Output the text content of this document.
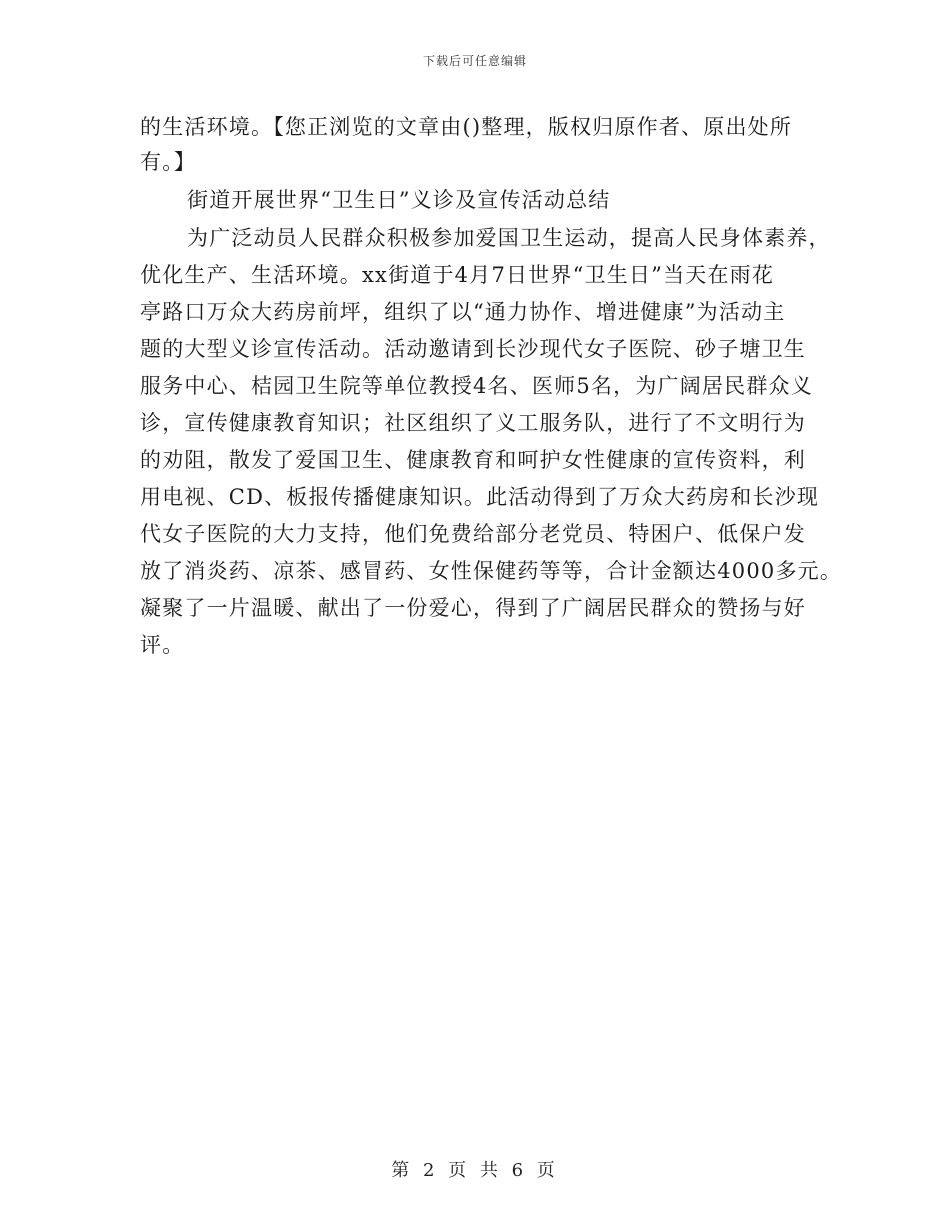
下载后可任意编辑
的生活环境。【您正浏览的文章由()整理，版权归原作者、原出处所
有。】
街道开展世界“卫生日”义诊及宣传活动总结
为广泛动员人民群众积极参加爱国卫生运动，提高人民身体素养，
优化生产、生活环境。xx街道于4月7日世界“卫生日”当天在雨花
亭路口万众大药房前坪，组织了以“通力协作、增进健康”为活动主
题的大型义诊宣传活动。活动邀请到长沙现代女子医院、砂子塘卫生
服务中心、桔园卫生院等单位教授4名、医师5名，为广阔居民群众义
诊，宣传健康教育知识；社区组织了义工服务队，进行了不文明行为
的劝阻，散发了爱国卫生、健康教育和呵护女性健康的宣传资料，利
用电视、CD、板报传播健康知识。此活动得到了万众大药房和长沙现
代女子医院的大力支持，他们免费给部分老党员、特困户、低保户发
放了消炎药、凉茶、感冒药、女性保健药等等，合计金额达4000多元。
凝聚了一片温暖、献出了一份爱心，得到了广阔居民群众的赞扬与好
评。
第 2 页 共 6 页
